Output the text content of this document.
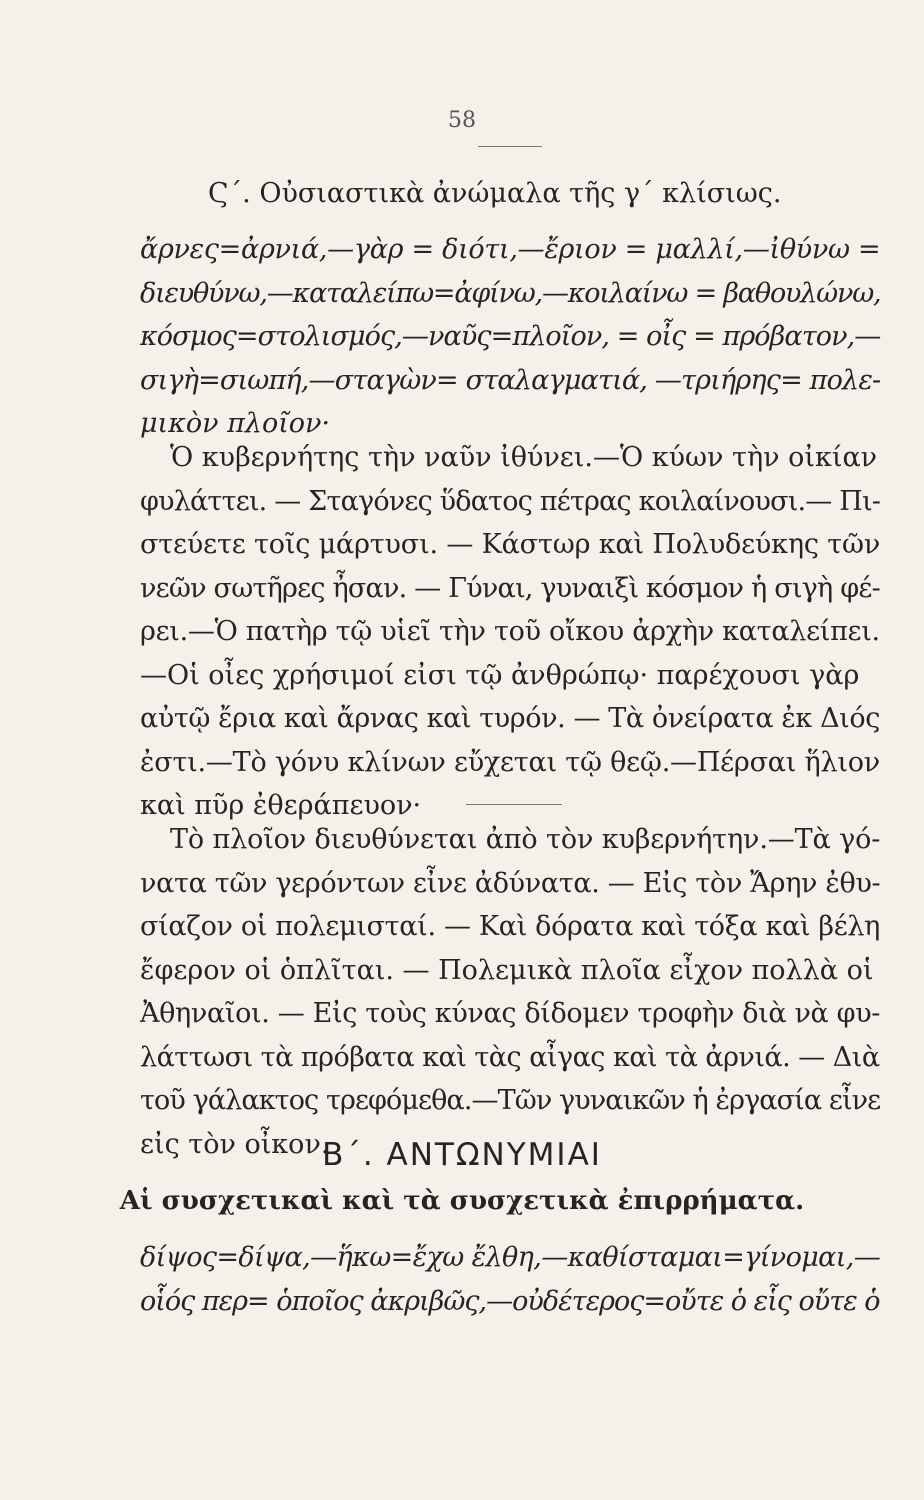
58
Ϛ΄. Οὐσιαστικὰ ἀνώμαλα τῆς γ΄ κλίσιως.
ἄρνες=ἀρνιά,—γὰρ = διότι,—ἔριον = μαλλί,—ἰθύνω =
διευθύνω,—καταλείπω=ἀφίνω,—κοιλαίνω = βαθουλώνω,
κόσμος=στολισμός,—ναῦς=πλοῖον, = οἶς = πρόβατον,—
σιγὴ=σιωπή,—σταγὼν= σταλαγματιά, —τριήρης= πολε-
μικὸν πλοῖον·
Ὁ κυβερνήτης τὴν ναῦν ἰθύνει.—Ὁ κύων τὴν οἰκίαν
φυλάττει. — Σταγόνες ὕδατος πέτρας κοιλαίνουσι.— Πι-
στεύετε τοῖς μάρτυσι. — Κάστωρ καὶ Πολυδεύκης τῶν
νεῶν σωτῆρες ἦσαν. — Γύναι, γυναιξὶ κόσμον ἡ σιγὴ φέ-
ρει.—Ὁ πατὴρ τῷ υἱεῖ τὴν τοῦ οἴκου ἀρχὴν καταλείπει.
—Οἱ οἶες χρήσιμοί εἰσι τῷ ἀνθρώπῳ· παρέχουσι γὰρ
αὐτῷ ἔρια καὶ ἄρνας καὶ τυρόν. — Τὰ ὀνείρατα ἐκ Διός
ἐστι.—Τὸ γόνυ κλίνων εὔχεται τῷ θεῷ.—Πέρσαι ἥλιον
καὶ πῦρ ἐθεράπευον·
Τὸ πλοῖον διευθύνεται ἀπὸ τὸν κυβερνήτην.—Τὰ γό-
νατα τῶν γερόντων εἶνε ἀδύνατα. — Εἰς τὸν Ἄρην ἐθυ-
σίαζον οἱ πολεμισταί. — Καὶ δόρατα καὶ τόξα καὶ βέλη
ἔφερον οἱ ὁπλῖται. — Πολεμικὰ πλοῖα εἶχον πολλὰ οἱ
Ἀθηναῖοι. — Εἰς τοὺς κύνας δίδομεν τροφὴν διὰ νὰ φυ-
λάττωσι τὰ πρόβατα καὶ τὰς αἶγας καὶ τὰ ἀρνιά. — Διὰ
τοῦ γάλακτος τρεφόμεθα.—Τῶν γυναικῶν ἡ ἐργασία εἶνε
εἰς τὸν οἶκον.
Β΄. ΑΝΤΩΝΥΜΙΑΙ
Αἱ συσχετικαὶ καὶ τὰ συσχετικὰ ἐπιρρήματα.
δίψος=δίψα,—ἥκω=ἔχω ἔλθη,—καθίσταμαι=γίνομαι,—
οἷός περ= ὁποῖος ἀκριβῶς,—οὐδέτερος=οὔτε ὁ εἷς οὔτε ὁ
